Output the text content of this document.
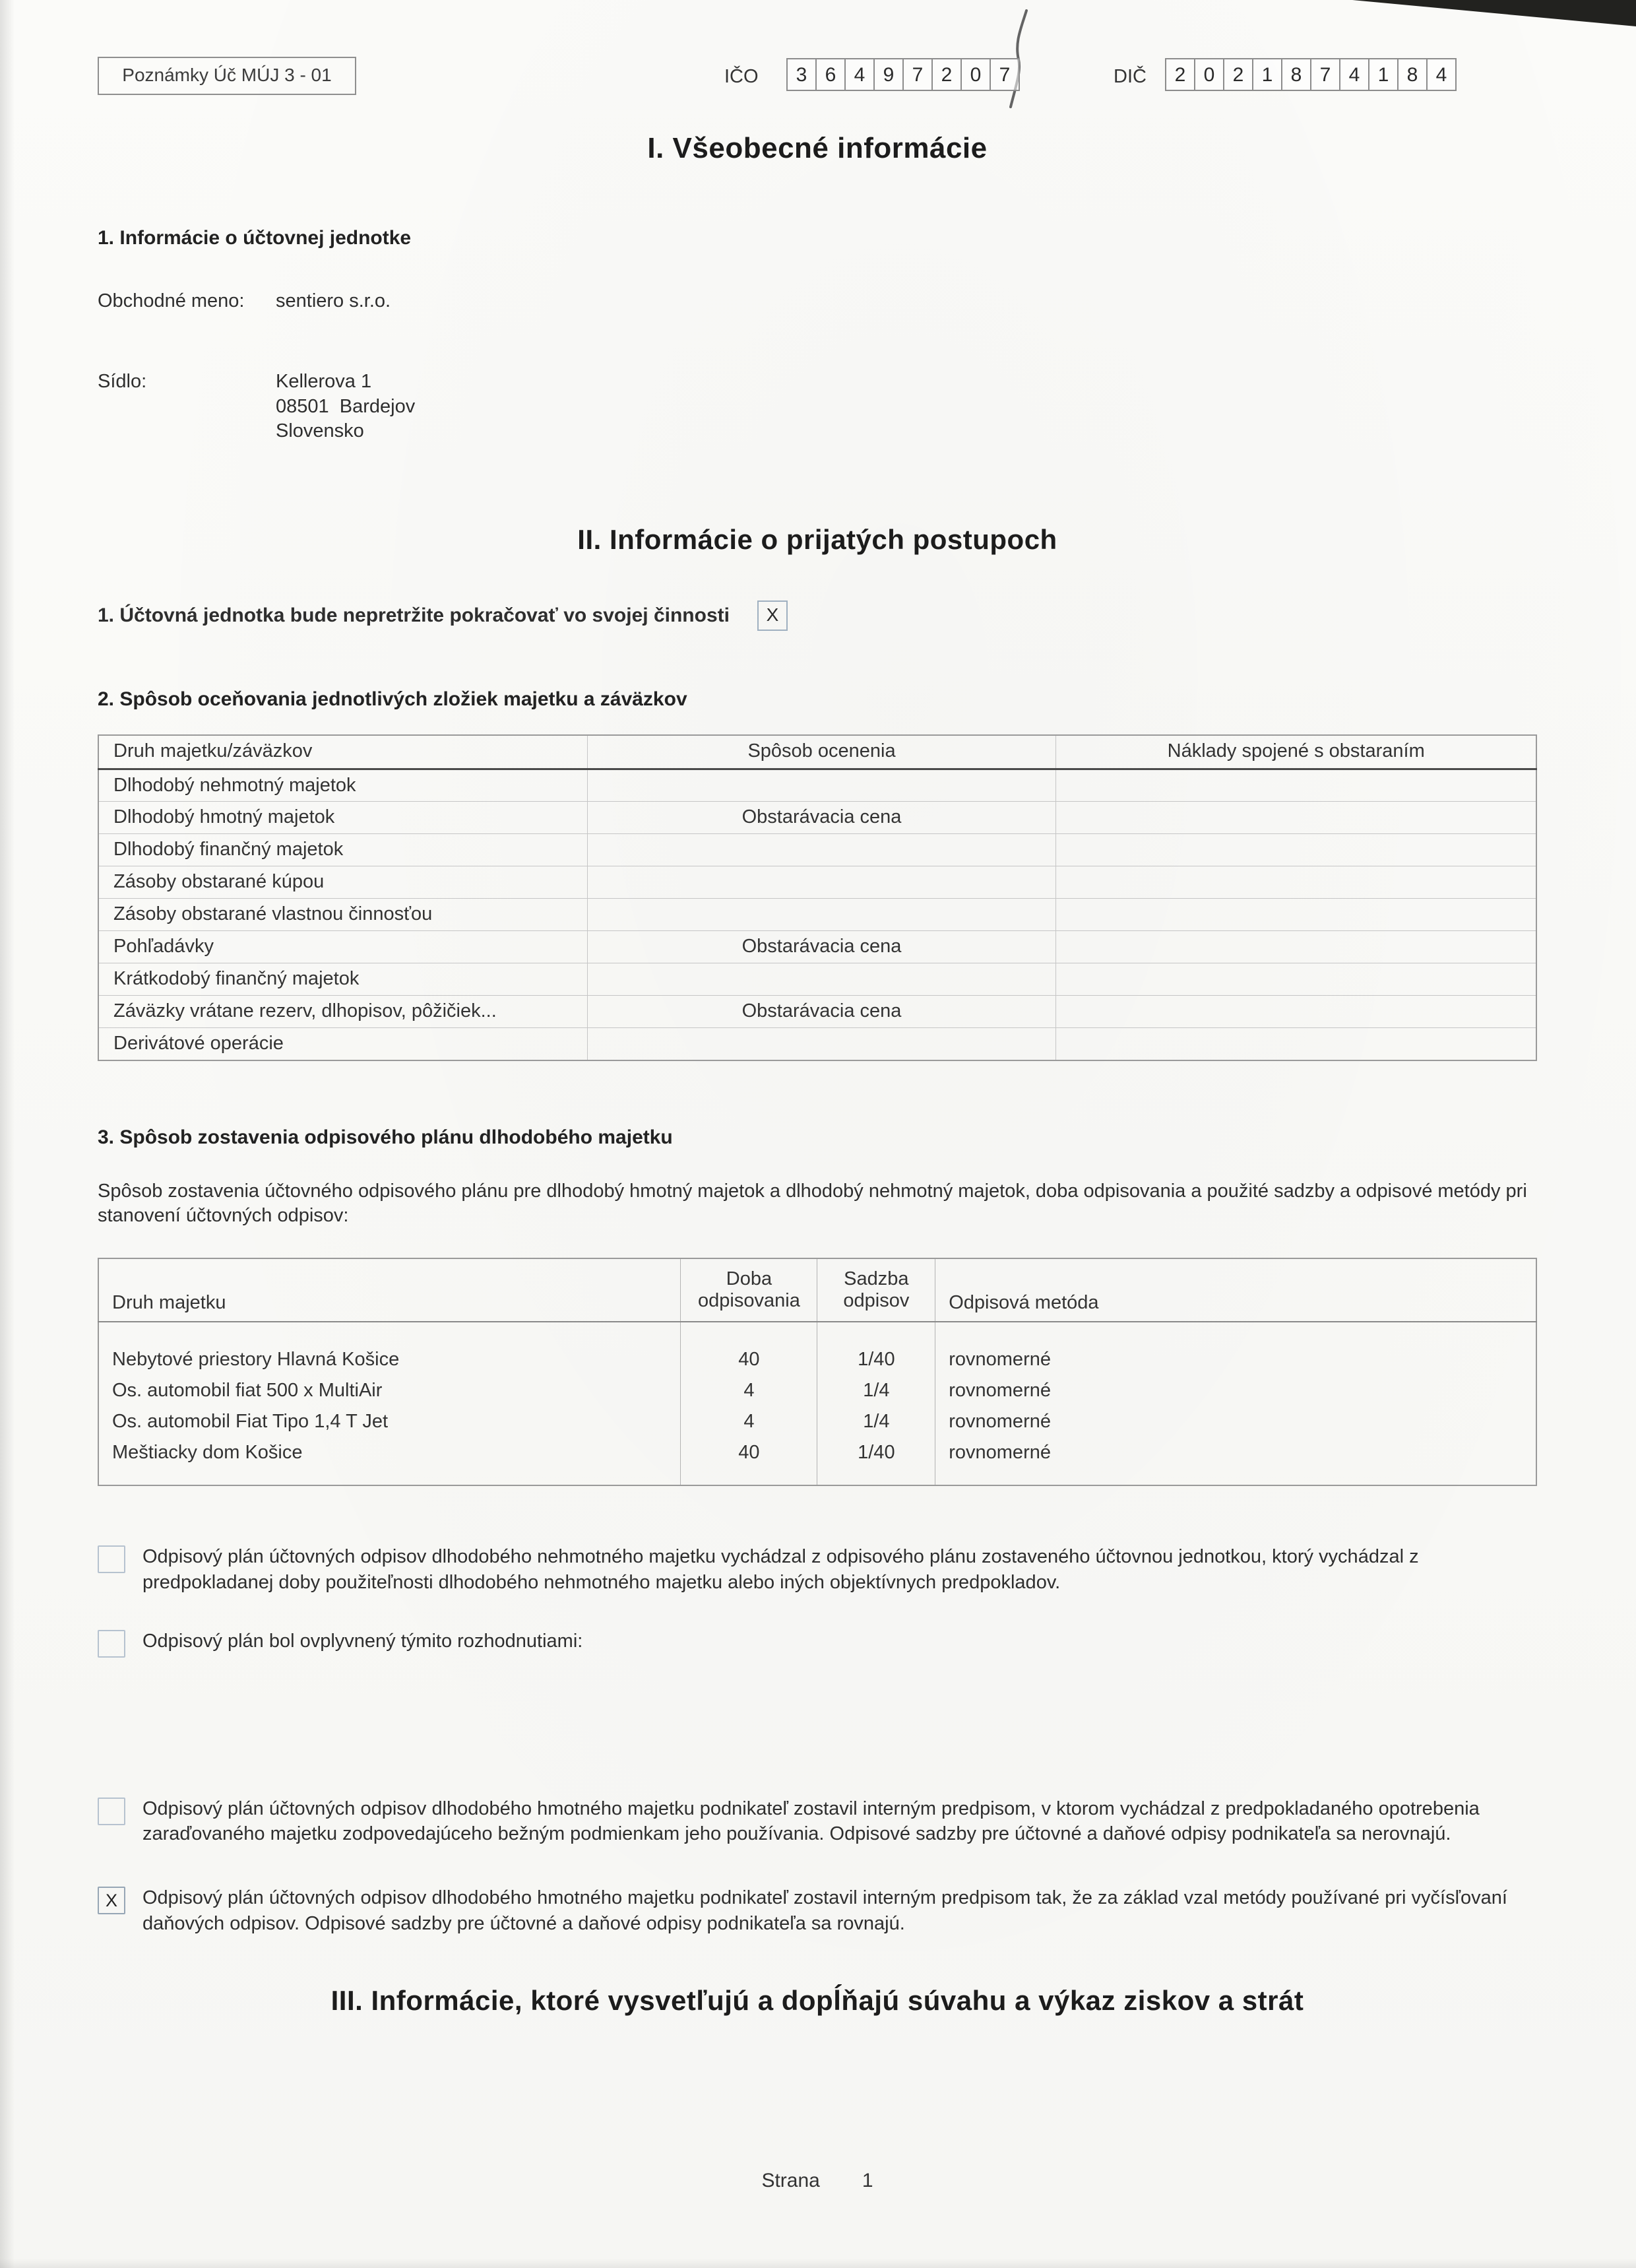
Poznámky Úč MÚJ 3 - 01	IČO	3 6 4 9 7 2 0 7	DIČ	2 0 2 1 8 7 4 1 8 4
I. Všeobecné informácie
1. Informácie o účtovnej jednotke
Obchodné meno:	sentiero s.r.o.
Sídlo:	Kellerova 1
08501  Bardejov
Slovensko
II. Informácie o prijatých postupoch
1. Účtovná jednotka bude nepretržite pokračovať vo svojej činnosti	X
2. Spôsob oceňovania jednotlivých zložiek majetku a záväzkov
Druh majetku/záväzkov	Spôsob ocenenia	Náklady spojené s obstaraním
Dlhodobý nehmotný majetok		
Dlhodobý hmotný majetok	Obstarávacia cena	
Dlhodobý finančný majetok		
Zásoby obstarané kúpou		
Zásoby obstarané vlastnou činnosťou		
Pohľadávky	Obstarávacia cena	
Krátkodobý finančný majetok		
Záväzky vrátane rezerv, dlhopisov, pôžičiek...	Obstarávacia cena	
Derivátové operácie		
3. Spôsob zostavenia odpisového plánu dlhodobého majetku

Spôsob zostavenia účtovného odpisového plánu pre dlhodobý hmotný majetok a dlhodobý nehmotný majetok, doba odpisovania a použité sadzby a odpisové metódy pri stanovení účtovných odpisov:

Druh majetku	Doba odpisovania	Sadzba odpisov	Odpisová metóda

Nebytové priestory Hlavná Košice	40	1/40	rovnomerné
Os. automobil fiat 500 x MultiAir	4	1/4	rovnomerné
Os. automobil Fiat Tipo 1,4 T Jet	4	1/4	rovnomerné
Meštiacky dom Košice	40	1/40	rovnomerné

Odpisový plán účtovných odpisov dlhodobého nehmotného majetku vychádzal z odpisového plánu zostaveného účtovnou jednotkou, ktorý vychádzal z predpokladanej doby použiteľnosti dlhodobého nehmotného majetku alebo iných objektívnych predpokladov.
Odpisový plán bol ovplyvnený týmito rozhodnutiami:
Odpisový plán účtovných odpisov dlhodobého hmotného majetku podnikateľ zostavil interným predpisom, v ktorom vychádzal z predpokladaného opotrebenia zaraďovaného majetku zodpovedajúceho bežným podmienkam jeho používania. Odpisové sadzby pre účtovné a daňové odpisy podnikateľa sa nerovnajú.
X	Odpisový plán účtovných odpisov dlhodobého hmotného majetku podnikateľ zostavil interným predpisom tak, že za základ vzal metódy používané pri vyčísľovaní daňových odpisov. Odpisové sadzby pre účtovné a daňové odpisy podnikateľa sa rovnajú.
III. Informácie, ktoré vysvetľujú a dopĺňajú súvahu a výkaz ziskov a strát
Strana 1
